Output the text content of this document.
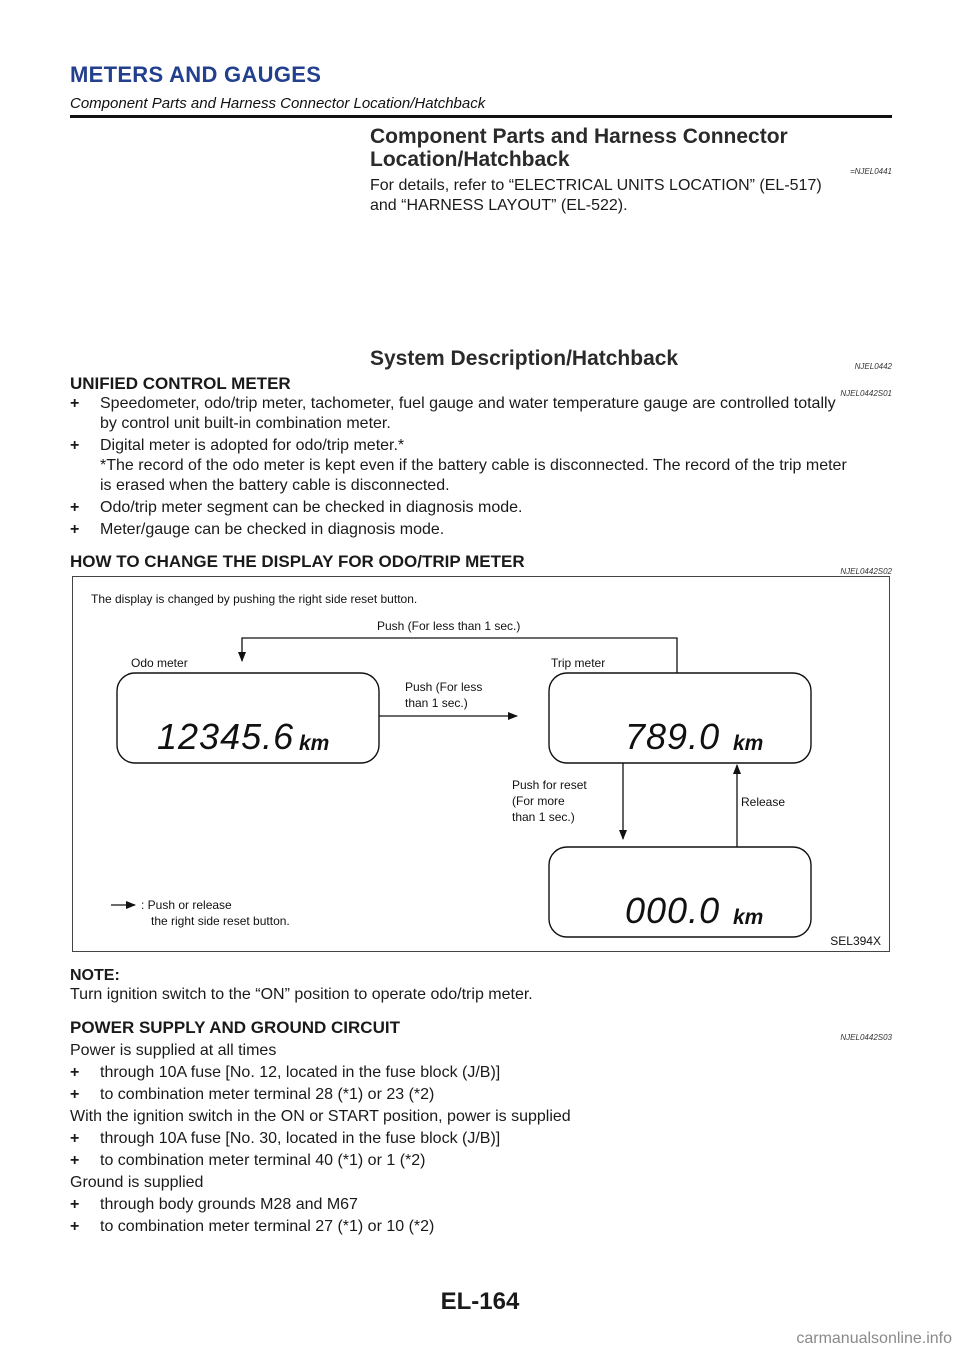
METERS AND GAUGES
Component Parts and Harness Connector Location/Hatchback
Component Parts and Harness Connector
Location/Hatchback
=NJEL0441
For details, refer to “ELECTRICAL UNITS LOCATION” (EL-517)
and “HARNESS LAYOUT” (EL-522).
System Description/Hatchback	NJEL0442
UNIFIED CONTROL METER
NJEL0442S01
+	Speedometer, odo/trip meter, tachometer, fuel gauge and water temperature gauge are controlled totally
by control unit built-in combination meter.
+	Digital meter is adopted for odo/trip meter.*
*The record of the odo meter is kept even if the battery cable is disconnected. The record of the trip meter
is erased when the battery cable is disconnected.
+	Odo/trip meter segment can be checked in diagnosis mode.
+	Meter/gauge can be checked in diagnosis mode.
HOW TO CHANGE THE DISPLAY FOR ODO/TRIP METER
NJEL0442S02
The display is changed by pushing the right side reset button.
Push (For less than 1 sec.)
Odo meter	Trip meter
12345.6 km
Push (For less
than 1 sec.)
789.0 km
Push for reset
(For more
than 1 sec.)
Release
000.0 km
: Push or release
the right side reset button.
SEL394X
NOTE:
Turn ignition switch to the “ON” position to operate odo/trip meter.
POWER SUPPLY AND GROUND CIRCUIT
NJEL0442S03
Power is supplied at all times
+	through 10A fuse [No. 12, located in the fuse block (J/B)]
+	to combination meter terminal 28 (*1) or 23 (*2)
With the ignition switch in the ON or START position, power is supplied
+	through 10A fuse [No. 30, located in the fuse block (J/B)]
+	to combination meter terminal 40 (*1) or 1 (*2)
Ground is supplied
+	through body grounds M28 and M67
+	to combination meter terminal 27 (*1) or 10 (*2)
EL-164
carmanualsonline.info
